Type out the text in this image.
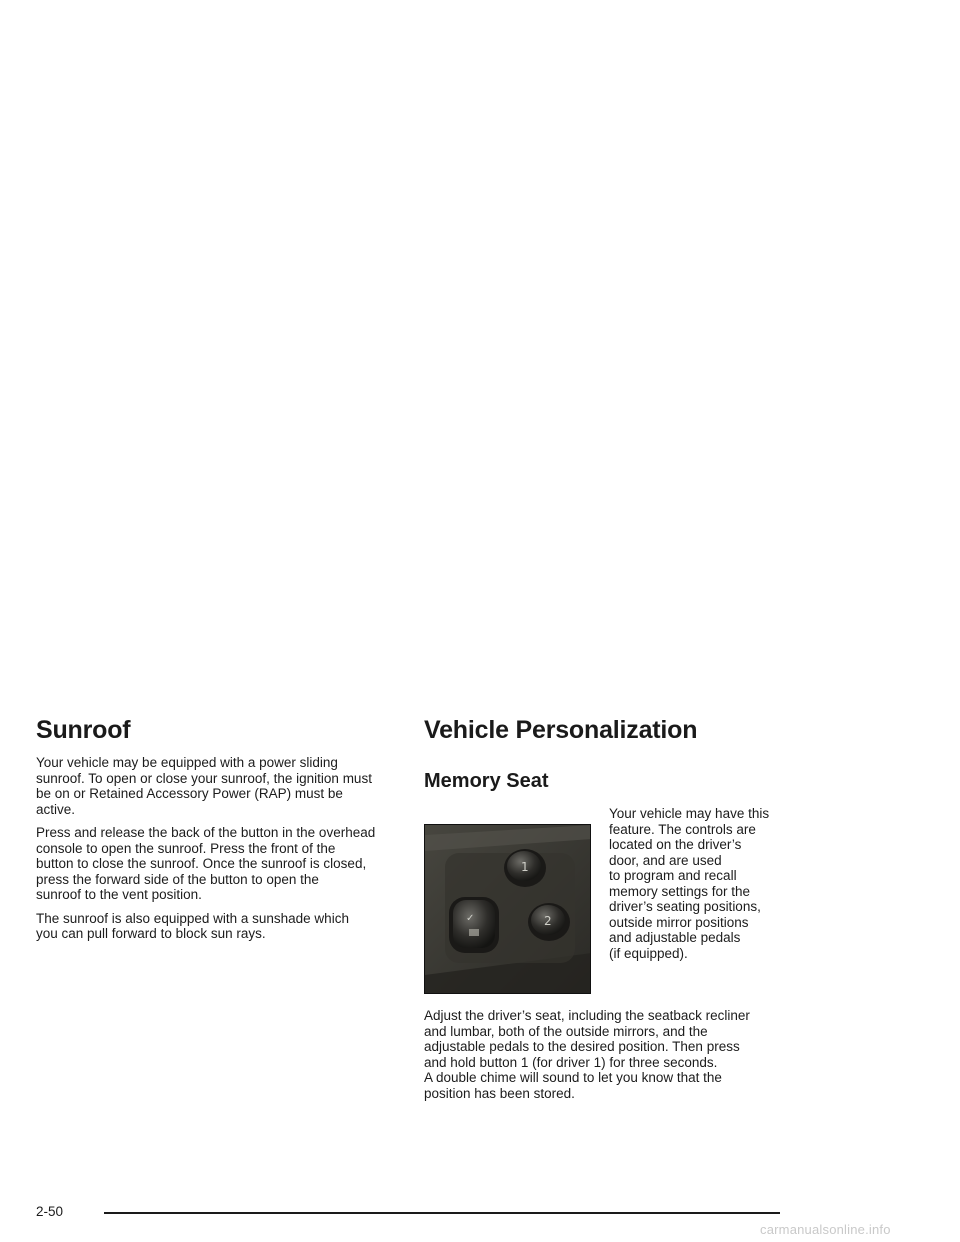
Sunroof

Your vehicle may be equipped with a power sliding
sunroof. To open or close your sunroof, the ignition must
be on or Retained Accessory Power (RAP) must be
active.

Press and release the back of the button in the overhead
console to open the sunroof. Press the front of the
button to close the sunroof. Once the sunroof is closed,
press the forward side of the button to open the
sunroof to the vent position.

The sunroof is also equipped with a sunshade which
you can pull forward to block sun rays.

Vehicle Personalization
Memory Seat
1
2
✓
Your vehicle may have this
feature. The controls are
located on the driver’s
door, and are used
to program and recall
memory settings for the
driver’s seating positions,
outside mirror positions
and adjustable pedals
(if equipped).

Adjust the driver’s seat, including the seatback recliner
and lumbar, both of the outside mirrors, and the
adjustable pedals to the desired position. Then press
and hold button 1 (for driver 1) for three seconds.
A double chime will sound to let you know that the
position has been stored.

2-50
carmanualsonline.info
